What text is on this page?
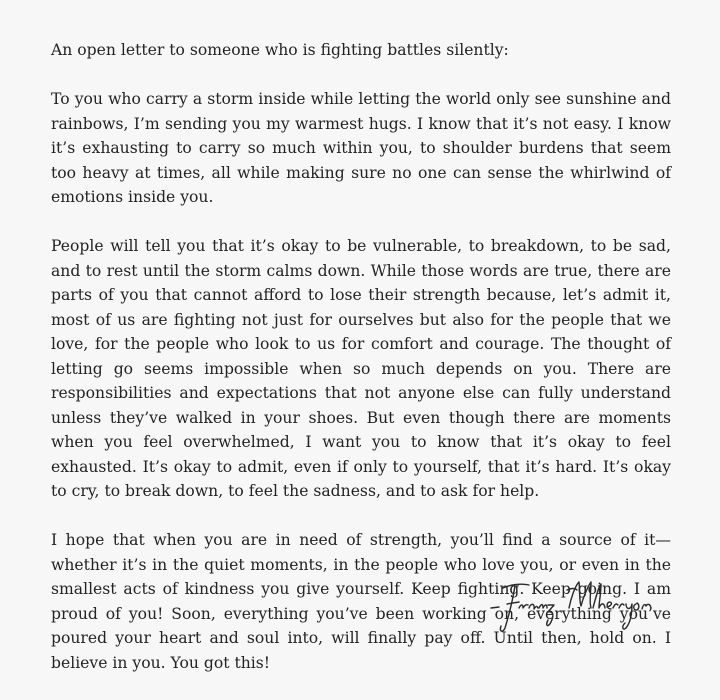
An open letter to someone who is fighting battles silently:

To you who carry a storm inside while letting the world only see sunshine and rainbows, I’m sending you my warmest hugs. I know that it’s not easy. I know it’s exhausting to carry so much within you, to shoulder burdens that seem too heavy at times, all while making sure no one can sense the whirlwind of emotions inside you.

People will tell you that it’s okay to be vulnerable, to breakdown, to be sad, and to rest until the storm calms down. While those words are true, there are parts of you that cannot afford to lose their strength because, let’s admit it, most of us are fighting not just for ourselves but also for the people that we love, for the people who look to us for comfort and courage. The thought of letting go seems impossible when so much depends on you. There are responsibilities and expectations that not anyone else can fully understand unless they’ve walked in your shoes. But even though there are moments when you feel overwhelmed, I want you to know that it’s okay to feel exhausted. It’s okay to admit, even if only to yourself, that it’s hard. It’s okay to cry, to break down, to feel the sadness, and to ask for help.

I hope that when you are in need of strength, you’ll find a source of it—whether it’s in the quiet moments, in the people who love you, or even in the smallest acts of kindness you give yourself. Keep fighting. Keep going. I am proud of you! Soon, everything you’ve been working on, everything you’ve poured your heart and soul into, will finally pay off. Until then, hold on. I believe in you. You got this!
